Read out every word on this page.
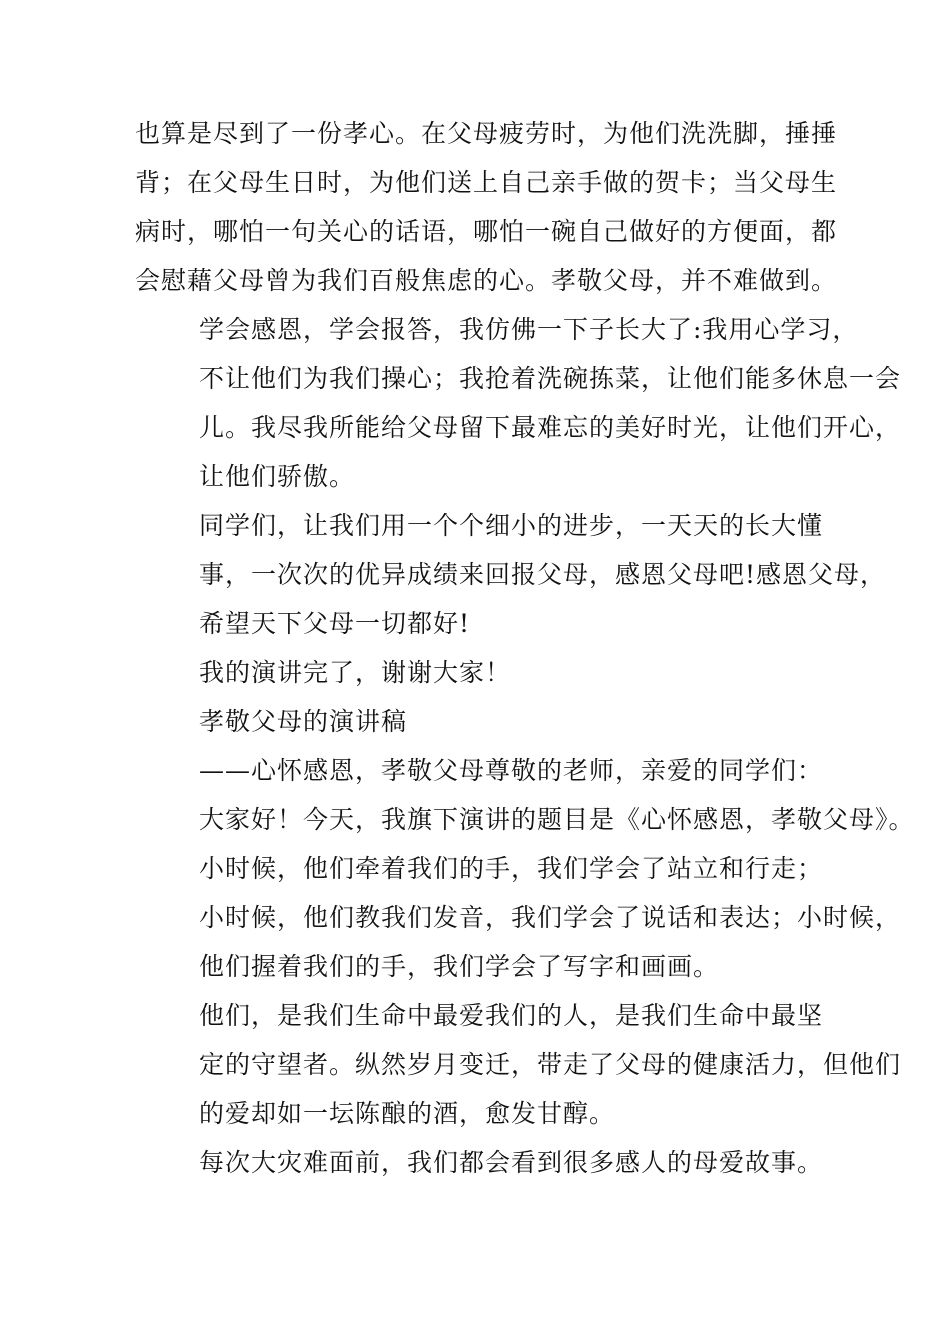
也算是尽到了一份孝心。在父母疲劳时，为他们洗洗脚，捶捶
背；在父母生日时，为他们送上自己亲手做的贺卡；当父母生
病时，哪怕一句关心的话语，哪怕一碗自己做好的方便面，都
会慰藉父母曾为我们百般焦虑的心。孝敬父母，并不难做到。

学会感恩，学会报答，我仿佛一下子长大了:我用心学习，
不让他们为我们操心；我抢着洗碗拣菜，让他们能多休息一会
儿。我尽我所能给父母留下最难忘的美好时光，让他们开心，
让他们骄傲。

同学们，让我们用一个个细小的进步，一天天的长大懂
事，一次次的优异成绩来回报父母，感恩父母吧!感恩父母，
希望天下父母一切都好!

我的演讲完了，谢谢大家！

孝敬父母的演讲稿

——心怀感恩，孝敬父母尊敬的老师，亲爱的同学们：
大家好！今天，我旗下演讲的题目是《心怀感恩，孝敬父母》。

小时候，他们牵着我们的手，我们学会了站立和行走；
小时候，他们教我们发音，我们学会了说话和表达；小时候，
他们握着我们的手，我们学会了写字和画画。

他们，是我们生命中最爱我们的人，是我们生命中最坚
定的守望者。纵然岁月变迁，带走了父母的健康活力，但他们
的爱却如一坛陈酿的酒，愈发甘醇。

每次大灾难面前，我们都会看到很多感人的母爱故事。
